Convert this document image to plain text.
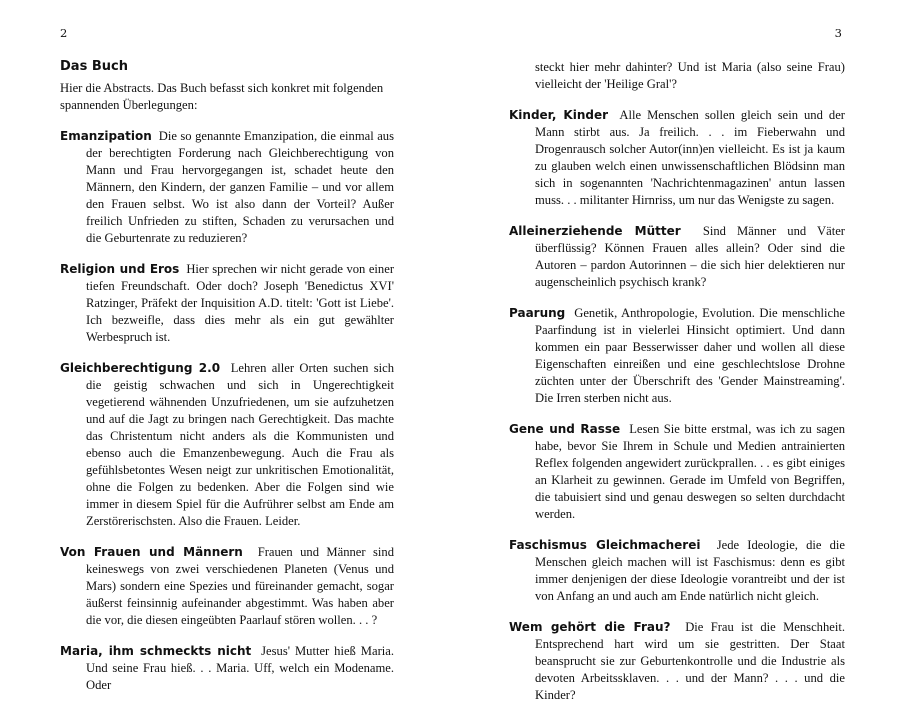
2
Das Buch

Hier die Abstracts. Das Buch befasst sich konkret mit folgenden spannenden Überlegungen:

Emanzipation Die so genannte Emanzipation, die einmal aus der berechtigten Forderung nach Gleichberechtigung von Mann und Frau hervorgegangen ist, schadet heute den Männern, den Kindern, der ganzen Familie – und vor allem den Frauen selbst. Wo ist also dann der Vorteil? Außer freilich Unfrieden zu stiften, Schaden zu verursachen und die Geburtenrate zu reduzieren?

Religion und Eros Hier sprechen wir nicht gerade von einer tiefen Freundschaft. Oder doch? Joseph 'Benedictus XVI' Ratzinger, Präfekt der Inquisition A.D. titelt: 'Gott ist Liebe'. Ich bezweifle, dass dies mehr als ein gut gewählter Werbespruch ist.

Gleichberechtigung 2.0 Lehren aller Orten suchen sich die geistig schwachen und sich in Ungerechtigkeit vegetierend wähnenden Unzufriedenen, um sie aufzuhetzen und auf die Jagt zu bringen nach Gerechtigkeit. Das machte das Christentum nicht anders als die Kommunisten und ebenso auch die Emanzenbewegung. Auch die Frau als gefühlsbetontes Wesen neigt zur unkritischen Emotionalität, ohne die Folgen zu bedenken. Aber die Folgen sind wie immer in diesem Spiel für die Aufrührer selbst am Ende am Zerstörerischsten. Also die Frauen. Leider.

Von Frauen und Männern Frauen und Männer sind keineswegs von zwei verschiedenen Planeten (Venus und Mars) sondern eine Spezies und füreinander gemacht, sogar äußerst feinsinnig aufeinander abgestimmt. Was haben aber die vor, die diesen eingeübten Paarlauf stören wollen. . . ?

Maria, ihm schmeckts nicht Jesus' Mutter hieß Maria. Und seine Frau hieß. . . Maria. Uff, welch ein Modename. Oder

3

steckt hier mehr dahinter? Und ist Maria (also seine Frau) vielleicht der 'Heilige Gral'?

Kinder, Kinder Alle Menschen sollen gleich sein und der Mann stirbt aus. Ja freilich. . . im Fieberwahn und Drogenrausch solcher Autor(inn)en vielleicht. Es ist ja kaum zu glauben welch einen unwissenschaftlichen Blödsinn man sich in sogenannten 'Nachrichtenmagazinen' antun lassen muss. . . militanter Hirnriss, um nur das Wenigste zu sagen.

Alleinerziehende Mütter Sind Männer und Väter überflüssig? Können Frauen alles allein? Oder sind die Autoren – pardon Autorinnen – die sich hier delektieren nur augenscheinlich psychisch krank?

Paarung Genetik, Anthropologie, Evolution. Die menschliche Paarfindung ist in vielerlei Hinsicht optimiert. Und dann kommen ein paar Besserwisser daher und wollen all diese Eigenschaften einreißen und eine geschlechtslose Drohne züchten unter der Überschrift des 'Gender Mainstreaming'. Die Irren sterben nicht aus.

Gene und Rasse Lesen Sie bitte erstmal, was ich zu sagen habe, bevor Sie Ihrem in Schule und Medien antrainierten Reflex folgenden angewidert zurückprallen. . . es gibt einiges an Klarheit zu gewinnen. Gerade im Umfeld von Begriffen, die tabuisiert sind und genau deswegen so selten durchdacht werden.

Faschismus Gleichmacherei Jede Ideologie, die die Menschen gleich machen will ist Faschismus: denn es gibt immer denjenigen der diese Ideologie vorantreibt und der ist von Anfang an und auch am Ende natürlich nicht gleich.

Wem gehört die Frau? Die Frau ist die Menschheit. Entsprechend hart wird um sie gestritten. Der Staat beansprucht sie zur Geburtenkontrolle und die Industrie als devoten Arbeitssklaven. . . und der Mann? . . . und die Kinder?
